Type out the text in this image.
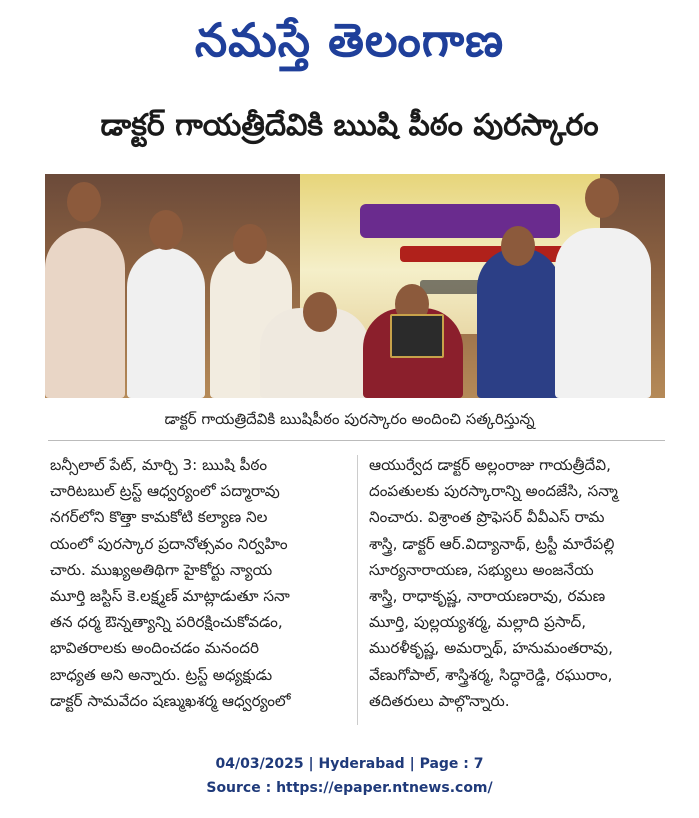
నమస్తే తెలంగాణ
డాక్టర్ గాయత్రీదేవికి ఋషి పీఠం పురస్కారం
డాక్టర్ గాయత్రిదేవికి ఋషిపీఠం పురస్కారం అందించి సత్కరిస్తున్న
బన్సీలాల్ పేట్, మార్చి 3: ఋషి పీఠం
చారిటబుల్ ట్రస్ట్ ఆధ్వర్యంలో పద్మారావు
నగర్‌లోని కొత్తా కామకోటి కల్యాణ నిల
యంలో పురస్కార ప్రదానోత్సవం నిర్వహిం
చారు. ముఖ్యఅతిథిగా హైకోర్టు న్యాయ
మూర్తి జస్టిస్ కె.లక్ష్మణ్ మాట్లాడుతూ సనా
తన ధర్మ ఔన్నత్యాన్ని పరిరక్షించుకోవడం,
భావితరాలకు అందించడం మనందరి
బాధ్యత అని అన్నారు. ట్రస్ట్ అధ్యక్షుడు
డాక్టర్ సామవేదం షణ్ముఖశర్మ ఆధ్వర్యంలో
ఆయుర్వేద డాక్టర్ అల్లంరాజు గాయత్రీదేవి,
దంపతులకు పురస్కారాన్ని అందజేసి, సన్మా
నించారు. విశ్రాంత ప్రొఫెసర్ వీవీఎస్ రామ
శాస్త్రి, డాక్టర్ ఆర్.విద్యానాథ్, ట్రస్టీ మారేపల్లి
సూర్యనారాయణ, సభ్యులు అంజనేయ
శాస్త్రి, రాధాకృష్ణ, నారాయణరావు, రమణ
మూర్తి, పుల్లయ్యశర్మ, మల్లాది ప్రసాద్,
మురళీకృష్ణ, అమర్నాథ్, హనుమంతరావు,
వేణుగోపాల్, శాస్త్రిశర్మ, సిద్ధారెడ్డి, రఘురాం,
తదితరులు పాల్గొన్నారు.
04/03/2025 | Hyderabad | Page : 7
Source : https://epaper.ntnews.com/
